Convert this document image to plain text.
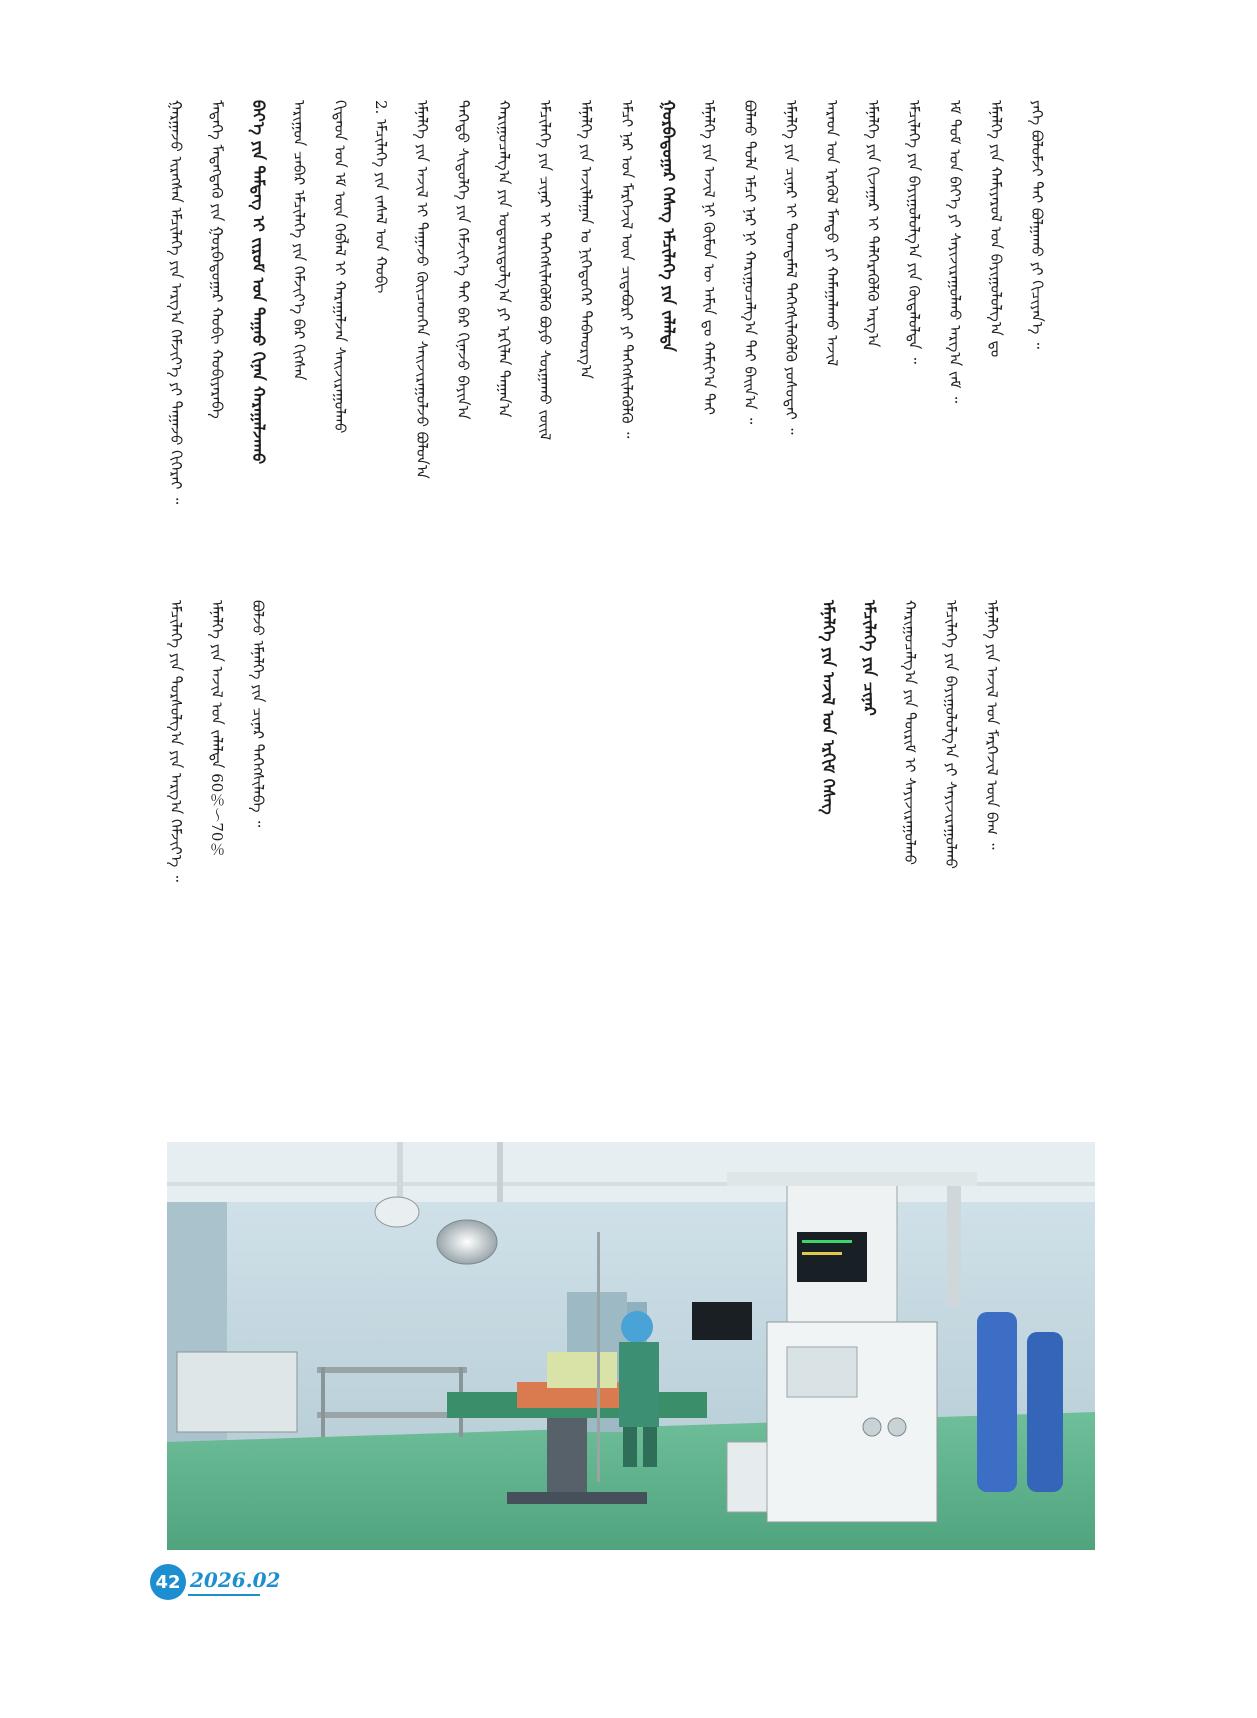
ᠭᠠᠷᠭᠠᠵᠤ ᠢᠷᠡᠭᠰᠡᠨ ᠡᠮᠴᠢᠯᠡᠭᠡ ᠶᠢᠨ ᠠᠷᠭ᠎ᠠ ᠬᠡᠮᠵᠢᠶ᠎ᠡ ᠶᠢ ᠳᠠᠭᠠᠵᠤ ᠬᠢᠭᠡᠷᠡᠢ ᠃ ᠮᠡᠳᠡᠭᠡ ᠮᠡᠳᠡᠭᠳᠡᠬᠦ᠌ ᠶᠢᠨ ᠭᠤᠷᠪᠠᠳᠤᠭᠠᠷ ᠬᠤᠪᠢ ᠬᠤᠪᠢᠶᠠᠷᠠᠪᠠ ᠪᠡᠶ᠎ᠡ ᠶᠢᠨ ᠲᠡᠮᠳᠡᠭ ᠢ ᠵᠢᠷᠤᠮ ᠤᠨ ᠳᠠᠭᠠᠤ ᠬᠢᠨᠠᠨ ᠬᠠᠷᠠᠭᠠᠯᠵᠠᠬᠤ ᠠᠷᠢᠭᠤᠨ ᠴᠡᠪᠡᠷ ᠡᠮᠴᠢᠯᠡᠭᠡ ᠶᠢᠨ ᠬᠡᠮᠵᠢᠶ᠎ᠡ ᠪᠠᠷ ᠬᠢᠭᠰᠡᠨ ᠬᠢᠲᠠᠳ ᠤᠨ ᠡᠮ ᠦᠨ ᠬᠡᠪᠯᠡᠯ ᠢ ᠬᠠᠷᠠᠭᠠᠯᠵᠠᠨ ᠰᠠᠢᠵᠢᠷᠠᠭᠤᠯᠬᠤ 2. ᠡᠮᠴᠢᠯᠡᠭᠡ ᠶᠢᠨ ᠵᠠᠰᠠᠯ ᠤᠨ ᠬᠤᠪᠢ ᠡᠮᠨᠡᠯᠭᠡ ᠶᠢᠨ ᠠᠵᠢᠯ ᠢ ᠳᠠᠭᠠᠵᠤ ᠭᠦᠢᠴᠡᠳᠬᠡᠨ ᠰᠠᠢᠵᠢᠷᠠᠭᠤᠯᠵᠤ ᠪᠣᠯᠤᠨ᠎ᠠ ᠳᠡᠭᠡᠳᠦ ᠰᠢᠲᠦᠯᠭᠡ ᠶᠢᠨ ᠬᠡᠮᠵᠢᠶ᠎ᠡ ᠲᠠᠶ ᠪᠠᠷ ᠬᠢᠨᠠᠵᠤ ᠪᠠᠶᠢᠨ᠎ᠠ ᠬᠠᠷᠢᠭᠤᠴᠠᠯᠭ᠎ᠠ ᠶᠢᠨ ᠤᠳᠤᠷᠢᠳᠤᠯᠭ᠎ᠠ ᠶᠢ ᠡᠷᠬᠢᠯᠡᠨ ᠳᠠᠭᠠᠨ᠎ᠠ ᠡᠮᠴᠢᠯᠡᠭᠡ ᠶᠢᠨ ᠴᠢᠨᠠᠷ ᠢ ᠳᠡᠭᠡᠭᠰᠢᠯᠡᠭᠦᠯᠬᠦ ᠪᠤᠶᠤ ᠰᠤᠷᠭᠠᠬᠤ ᠵᠦᠢᠯ ᠡᠮᠨᠡᠯᠭᠡ ᠶᠢᠨ ᠠᠵᠢᠯᠯᠠᠭᠠᠨ ᠤ ᠨᠢᠭᠡᠳᠦᠭᠡᠷ ᠳᠠᠪᠬᠤᠷᠭ᠎ᠠ ᠡᠮᠴᠢ ᠨᠠᠷ ᠤᠨ ᠮᠡᠷᠭᠡᠵᠢᠯ ᠦᠨ ᠴᠢᠳᠠᠪᠤᠷᠢ ᠶᠢ ᠳᠡᠭᠡᠭᠰᠢᠯᠡᠭᠦᠯᠬᠦ ᠃ ᠭᠤᠷᠪᠠᠳᠤᠭᠠᠷ ᠬᠡᠰᠡᠭ ᠡᠮᠴᠢᠯᠡᠭᠡ ᠶᠢᠨ ᠵᠠᠯᠠᠯᠲᠠ ᠡᠮᠨᠡᠯᠭᠡ ᠶᠢᠨ ᠠᠵᠢᠯ ᠨᠢ ᠬᠦᠮᠦᠨ ᠦ ᠠᠮᠢᠨ ᠳᠤ ᠬᠠᠮᠢᠶ᠎ᠠ ᠲᠠᠶ ᠪᠣᠯᠬᠤ ᠲᠤᠯᠠ ᠡᠮᠴᠢ ᠨᠠᠷ ᠨᠢ ᠬᠠᠷᠢᠭᠤᠴᠠᠯᠭ᠎ᠠ ᠲᠠᠶ ᠪᠠᠢᠨ᠎ᠠ ᠃ ᠡᠮᠨᠡᠯᠭᠡ ᠶᠢᠨ ᠴᠢᠨᠠᠷ ᠢ ᠲᠣᠭᠲᠠᠮᠠᠯ ᠳᠡᠭᠡᠭᠰᠢᠯᠡᠭᠦᠯᠬᠦ ᠶᠣᠰᠣᠲᠠᠢ ᠃ ᠠᠷᠠᠳ ᠤᠨ ᠡᠷᠡᠭᠦᠯ ᠮᠡᠨᠳᠦ ᠶᠢ ᠬᠠᠮᠠᠭᠠᠯᠠᠬᠤ ᠠᠵᠢᠯ ᠡᠮᠨᠡᠯᠭᠡ ᠶᠢᠨ ᠬᠢᠵᠠᠭᠠᠷ ᠢ ᠳᠡᠯᠭᠡᠷᠡᠭᠦᠯᠬᠦ ᠠᠷᠭ᠎ᠠ ᠡᠮᠴᠢᠯᠡᠭᠡ ᠶᠢᠨ ᠪᠠᠶᠢᠭᠤᠯᠤᠯᠭ᠎ᠠ ᠶᠢᠨ ᠬᠦᠳᠡᠯᠦᠯᠲᠡ ᠃ ᠡᠮ ᠳᠣᠮ ᠤᠨ ᠪᠡᠶ᠎ᠡ ᠶᠢ ᠰᠠᠶᠢᠵᠢᠷᠠᠭᠤᠯᠬᠤ ᠠᠷᠭ᠎ᠠ ᠵᠠᠮ ᠃ ᠡᠮᠨᠡᠯᠭᠡ ᠶᠢᠨ ᠬᠠᠮᠢᠶᠠᠷᠤᠯ ᠤᠨ ᠪᠠᠶᠢᠭᠤᠯᠤᠯᠭ᠎ᠠ ᠳᠤ ᠶᠡᠬᠡ ᠪᠣᠯᠤᠮᠵᠢ ᠲᠠᠢ ᠪᠣᠯᠭᠠᠬᠤ ᠶᠢ ᠬᠢᠴᠢᠶᠡᠨ᠎ᠡ ᠃
ᠡᠮᠴᠢᠯᠡᠭᠡ ᠶᠢᠨ ᠳᠤᠷᠰᠤᠯᠭ᠎ᠠ ᠶᠢᠨ ᠠᠷᠭ᠎ᠠ ᠬᠡᠮᠵᠢᠶ᠎ᠡ ᠃ ᠡᠮᠨᠡᠯᠭᠡ ᠶᠢᠨ ᠠᠵᠢᠯ ᠤᠨ ᠵᠠᠯᠠᠯᠲᠠ 60％～70％ ᠪᠣᠯᠵᠤ ᠡᠮᠨᠡᠯᠭᠡ ᠶᠢᠨ ᠴᠢᠨᠠᠷ ᠳᠡᠭᠡᠭᠰᠢᠯᠡᠪᠡ ᠃	ᠡᠮᠨᠡᠯᠭᠡ ᠶᠢᠨ ᠠᠵᠢᠯ ᠤᠨ ᠡᠷᠬᠢᠮ ᠬᠡᠰᠡᠭ ᠡᠮᠴᠢᠯᠡᠭᠡ ᠶᠢᠨ ᠴᠢᠨᠠᠷ ᠬᠠᠷᠢᠭᠤᠴᠠᠯᠭ᠎ᠠ ᠶᠢᠨ ᠳᠦᠷᠢᠮ ᠢ ᠰᠠᠶᠢᠵᠢᠷᠠᠭᠤᠯᠬᠤ ᠡᠮᠴᠢᠯᠡᠭᠡ ᠶᠢᠨ ᠪᠠᠶᠢᠭᠤᠯᠤᠯᠭ᠎ᠠ ᠶᠢ ᠰᠠᠶᠢᠵᠢᠷᠠᠭᠤᠯᠬᠤ ᠡᠮᠨᠡᠯᠭᠡ ᠶᠢᠨ ᠠᠵᠢᠯ ᠤᠨ ᠮᠡᠷᠭᠡᠵᠢᠯ ᠦᠨ ᠪᠠᠭ ᠃
42 2026.02
